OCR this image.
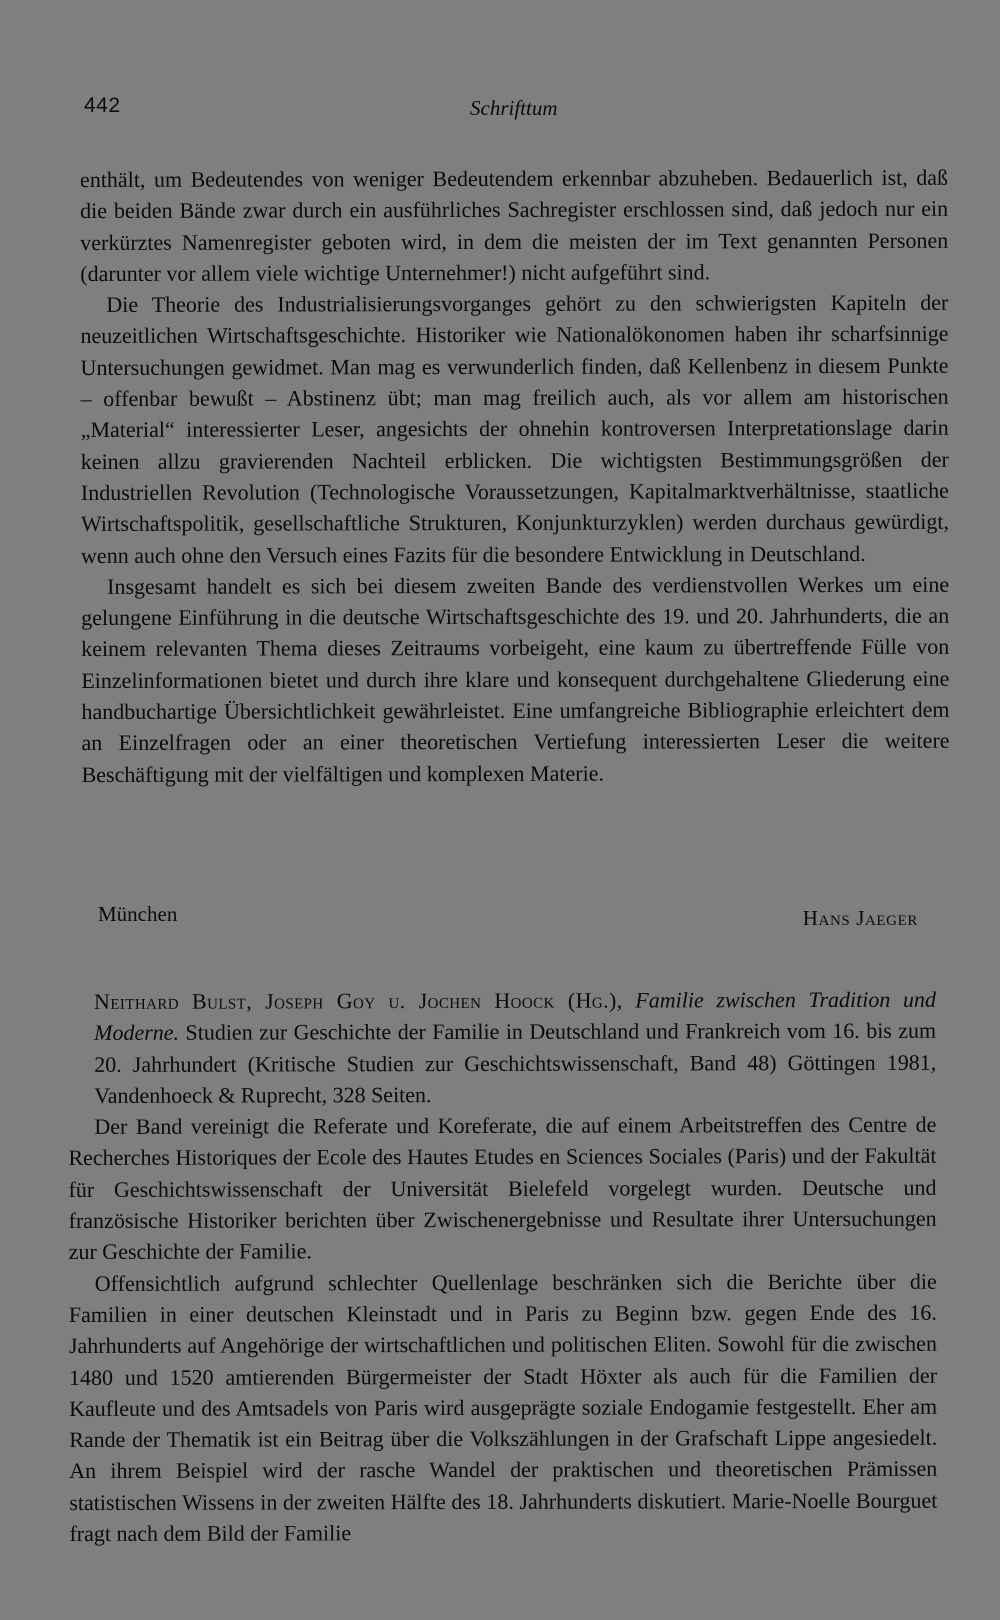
442	Schrifttum

enthält, um Bedeutendes von weniger Bedeutendem erkennbar abzuheben. Bedauerlich ist, daß die beiden Bände zwar durch ein ausführliches Sachregister erschlossen sind, daß jedoch nur ein verkürztes Namenregister geboten wird, in dem die meisten der im Text genannten Personen (darunter vor allem viele wichtige Unternehmer!) nicht aufgeführt sind.

Die Theorie des Industrialisierungsvorganges gehört zu den schwierigsten Kapiteln der neuzeitlichen Wirtschaftsgeschichte. Historiker wie Nationalökonomen haben ihr scharfsinnige Untersuchungen gewidmet. Man mag es verwunderlich finden, daß Kellenbenz in diesem Punkte – offenbar bewußt – Abstinenz übt; man mag freilich auch, als vor allem am historischen „Material“ interessierter Leser, angesichts der ohnehin kontroversen Interpretationslage darin keinen allzu gravierenden Nachteil erblicken. Die wichtigsten Bestimmungsgrößen der Industriellen Revolution (Technologische Voraussetzungen, Kapitalmarktverhältnisse, staatliche Wirtschaftspolitik, gesellschaftliche Strukturen, Konjunkturzyklen) werden durchaus gewürdigt, wenn auch ohne den Versuch eines Fazits für die besondere Entwicklung in Deutschland.

Insgesamt handelt es sich bei diesem zweiten Bande des verdienstvollen Werkes um eine gelungene Einführung in die deutsche Wirtschaftsgeschichte des 19. und 20. Jahrhunderts, die an keinem relevanten Thema dieses Zeitraums vorbeigeht, eine kaum zu übertreffende Fülle von Einzelinformationen bietet und durch ihre klare und konsequent durchgehaltene Gliederung eine handbuchartige Übersichtlichkeit gewährleistet. Eine umfangreiche Bibliographie erleichtert dem an Einzelfragen oder an einer theoretischen Vertiefung interessierten Leser die weitere Beschäftigung mit der vielfältigen und komplexen Materie.

München	Hans Jaeger

Neithard Bulst, Joseph Goy u. Jochen Hoock (Hg.), Familie zwischen Tradition und Moderne. Studien zur Geschichte der Familie in Deutschland und Frankreich vom 16. bis zum 20. Jahrhundert (Kritische Studien zur Geschichtswissenschaft, Band 48) Göttingen 1981, Vandenhoeck & Ruprecht, 328 Seiten.

Der Band vereinigt die Referate und Koreferate, die auf einem Arbeitstreffen des Centre de Recherches Historiques der Ecole des Hautes Etudes en Sciences Sociales (Paris) und der Fakultät für Geschichtswissenschaft der Universität Bielefeld vorgelegt wurden. Deutsche und französische Historiker berichten über Zwischenergebnisse und Resultate ihrer Untersuchungen zur Geschichte der Familie.

Offensichtlich aufgrund schlechter Quellenlage beschränken sich die Berichte über die Familien in einer deutschen Kleinstadt und in Paris zu Beginn bzw. gegen Ende des 16. Jahrhunderts auf Angehörige der wirtschaftlichen und politischen Eliten. Sowohl für die zwischen 1480 und 1520 amtierenden Bürgermeister der Stadt Höxter als auch für die Familien der Kaufleute und des Amtsadels von Paris wird ausgeprägte soziale Endogamie festgestellt. Eher am Rande der Thematik ist ein Beitrag über die Volkszählungen in der Grafschaft Lippe angesiedelt. An ihrem Beispiel wird der rasche Wandel der praktischen und theoretischen Prämissen statistischen Wissens in der zweiten Hälfte des 18. Jahrhunderts diskutiert. Marie-Noelle Bourguet fragt nach dem Bild der Familie
